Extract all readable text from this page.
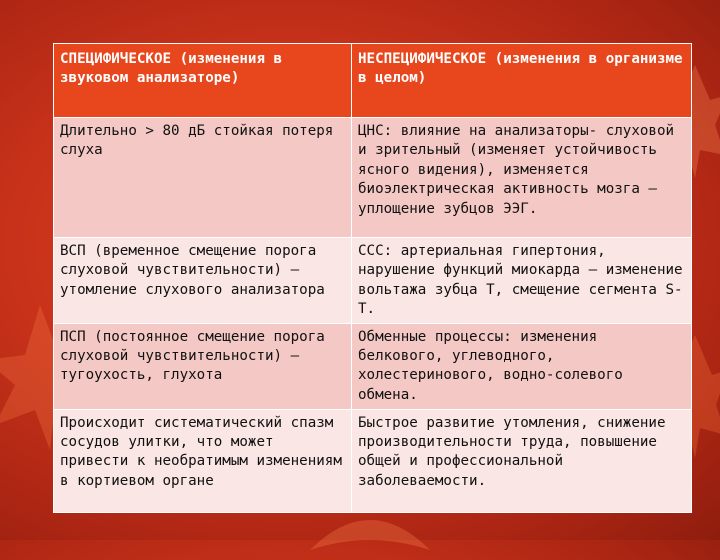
СПЕЦИФИЧЕСКОЕ (изменения в звуковом анализаторе)	НЕСПЕЦИФИЧЕСКОЕ (изменения в организме в целом)
Длительно > 80 дБ стойкая потеря слуха	ЦНС: влияние на анализаторы- слуховой и зрительный (изменяет устойчивость ясного видения), изменяется биоэлектрическая активность мозга – уплощение зубцов ЭЭГ.
ВСП (временное смещение порога слуховой чувствительности) – утомление слухового анализатора	ССС: артериальная гипертония, нарушение функций миокарда – изменение вольтажа зубца Т, смещение сегмента S-T.
ПСП (постоянное смещение порога слуховой чувствительности) – тугоухость, глухота	Обменные процессы: изменения белкового, углеводного, холестеринового, водно-солевого обмена.
Происходит систематический спазм сосудов улитки, что может привести к необратимым изменениям в кортиевом органе	Быстрое развитие утомления, снижение производительности труда, повышение общей и профессиональной заболеваемости.
